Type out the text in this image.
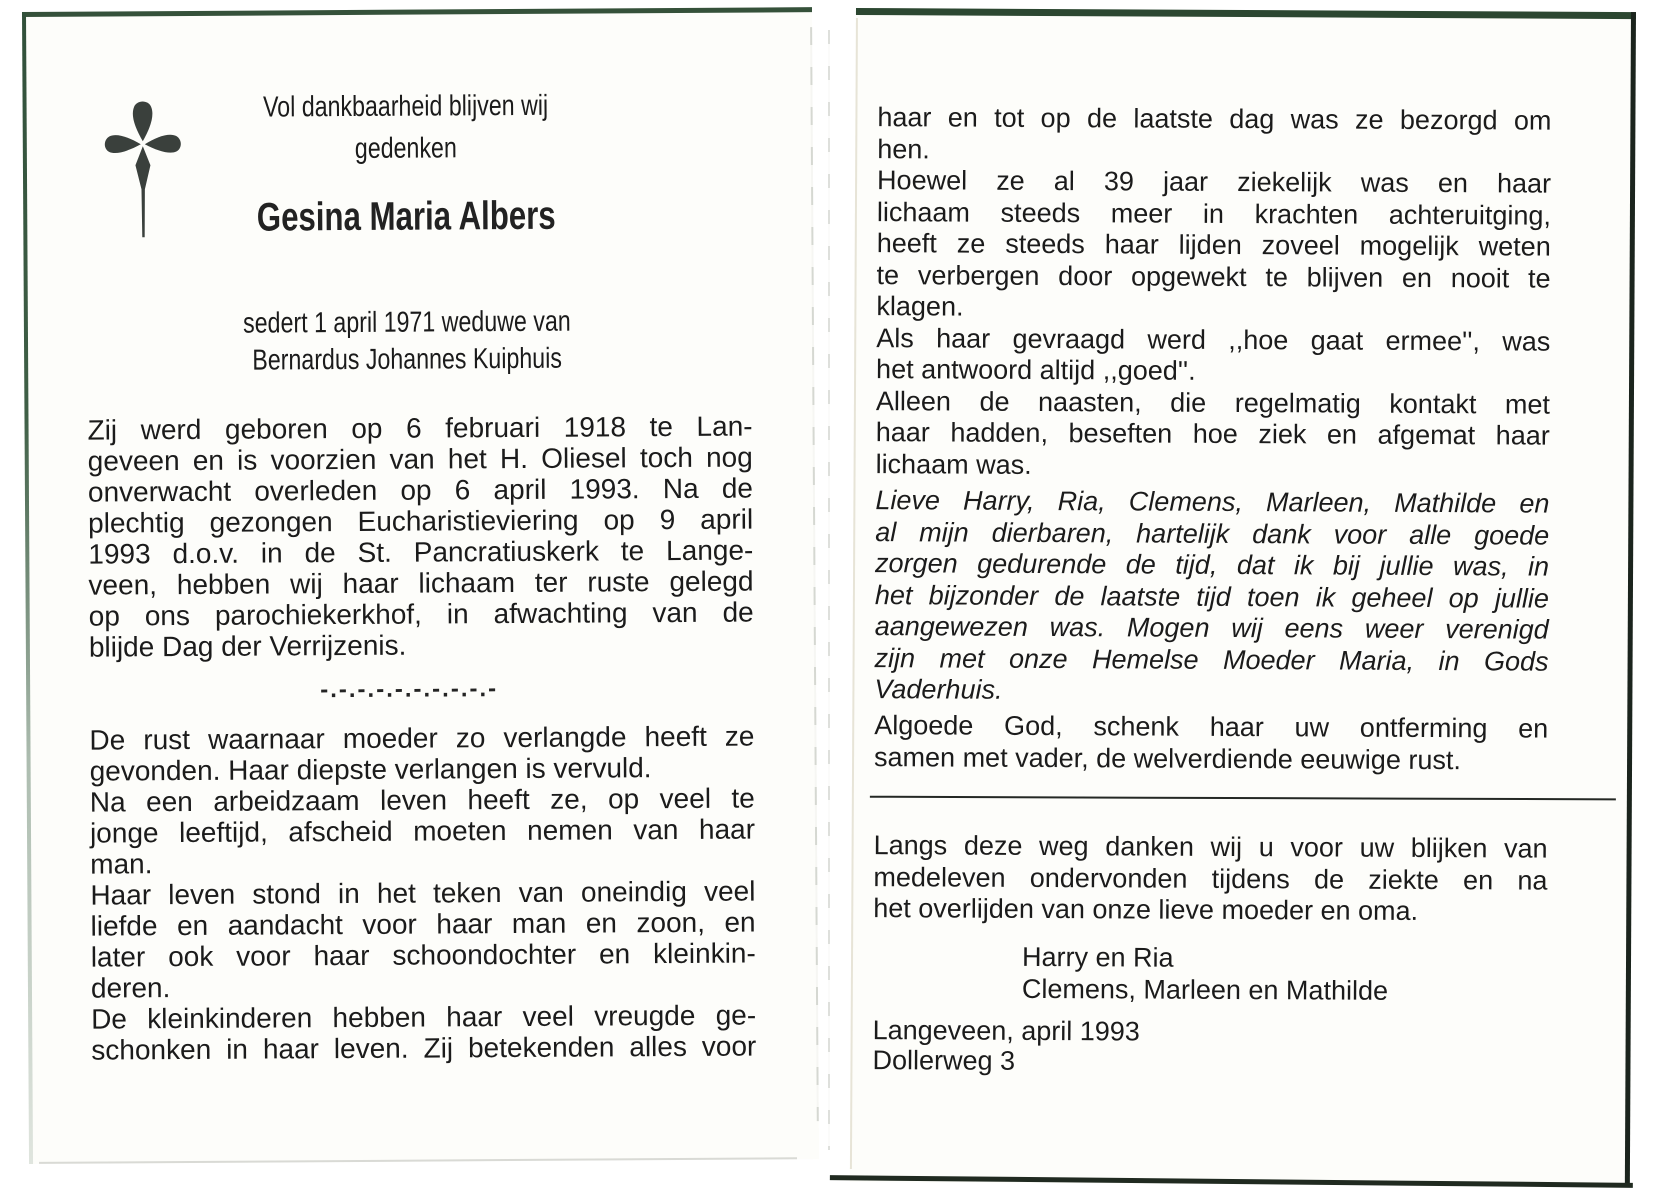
Vol dankbaarheid blijven wij
gedenken
Gesina Maria Albers
sedert 1 april 1971 weduwe van
Bernardus Johannes Kuiphuis
Zij werd geboren op 6 februari 1918 te Lan-
geveen en is voorzien van het H. Oliesel toch nog
onverwacht overleden op 6 april 1993. Na de
plechtig gezongen Eucharistieviering op 9 april
1993 d.o.v. in de St. Pancratiuskerk te Lange-
veen, hebben wij haar lichaam ter ruste gelegd
op ons parochiekerkhof, in afwachting van de
blijde Dag der Verrijzenis.
-.-.-.-.-.-.-.-.-.-
De rust waarnaar moeder zo verlangde heeft ze
gevonden. Haar diepste verlangen is vervuld.
Na een arbeidzaam leven heeft ze, op veel te
jonge leeftijd, afscheid moeten nemen van haar
man.
Haar leven stond in het teken van oneindig veel
liefde en aandacht voor haar man en zoon, en
later ook voor haar schoondochter en kleinkin-
deren.
De kleinkinderen hebben haar veel vreugde ge-
schonken in haar leven. Zij betekenden alles voor
haar en tot op de laatste dag was ze bezorgd om
hen.
Hoewel ze al 39 jaar ziekelijk was en haar
lichaam steeds meer in krachten achteruitging,
heeft ze steeds haar lijden zoveel mogelijk weten
te verbergen door opgewekt te blijven en nooit te
klagen.
Als haar gevraagd werd ,,hoe gaat ermee'', was
het antwoord altijd ,,goed''.
Alleen de naasten, die regelmatig kontakt met
haar hadden, beseften hoe ziek en afgemat haar
lichaam was.
Lieve Harry, Ria, Clemens, Marleen, Mathilde en
al mijn dierbaren, hartelijk dank voor alle goede
zorgen gedurende de tijd, dat ik bij jullie was, in
het bijzonder de laatste tijd toen ik geheel op jullie
aangewezen was. Mogen wij eens weer verenigd
zijn met onze Hemelse Moeder Maria, in Gods
Vaderhuis.
Algoede God, schenk haar uw ontferming en
samen met vader, de welverdiende eeuwige rust.
Langs deze weg danken wij u voor uw blijken van
medeleven ondervonden tijdens de ziekte en na
het overlijden van onze lieve moeder en oma.
Harry en Ria
Clemens, Marleen en Mathilde
Langeveen, april 1993
Dollerweg 3
